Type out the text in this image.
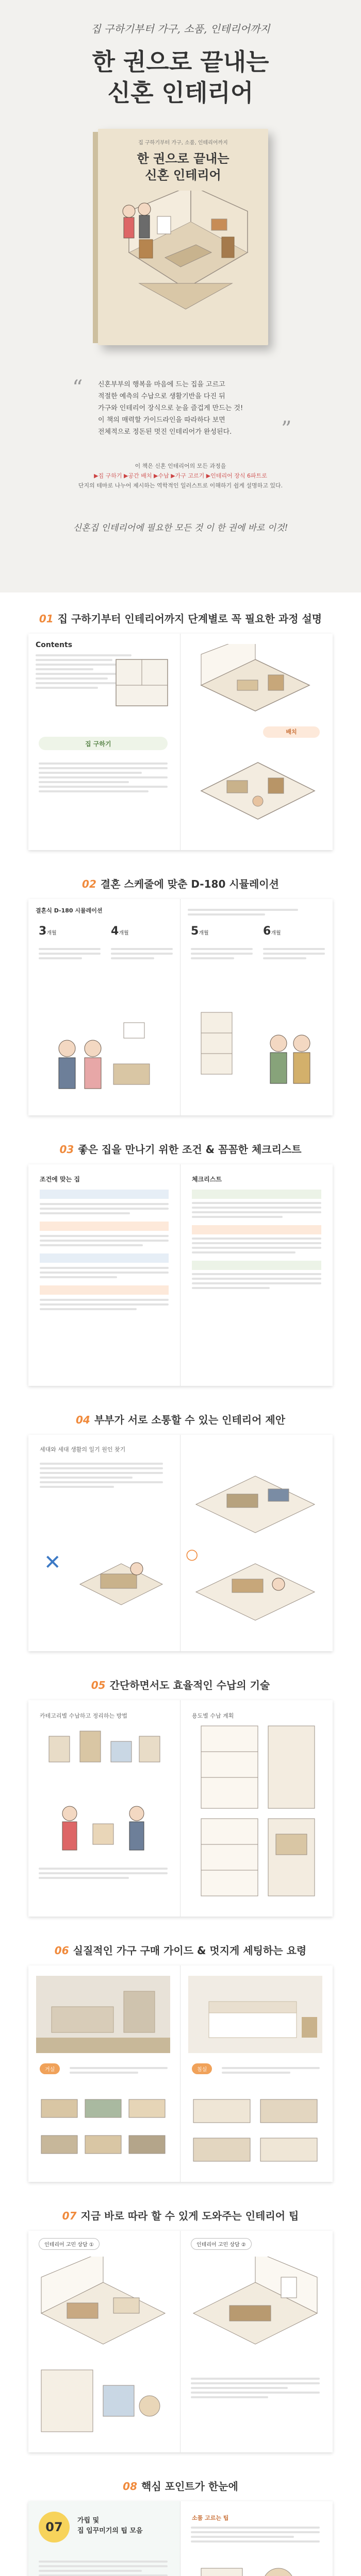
집 구하기부터 가구, 소품, 인테리어까지
한 권으로 끝내는
신혼 인테리어
집 구하기부터 가구, 소품, 인테리어까지
한 권으로 끝내는
신혼 인테리어
“ 신혼부부의 행복을 마음에 드는 집을 고르고
적절한 예측의 수납으로 생활기반을 다진 뒤
가구와 인테리어 장식으로 눈을 즐겁게 만드는 것!
이 책의 매력할 가이드라인을 따라하다 보면
전체적으로 정돈된 멋진 인테리어가 완성된다.	”
이 책은 신혼 인테리어의 모든 과정을
▶집 구하기 ▶공간 배치 ▶수납 ▶가구 고르기 ▶인테리어 장식 6파트로
단지의 테마로 나누어 제시하는 역학적인 일러스트로 이해하기 쉽게 설명하고 있다.
신혼집 인테리어에 필요한 모든 것 이 한 권에 바로 이것!
01 집 구하기부터 인테리어까지 단계별로 꼭 필요한 과정 설명
Contents
집 구하기
배치
02 결혼 스케줄에 맞춘 D-180 시뮬레이션
결혼식 D-180 시뮬레이션
3개월	4개월	5개월	6개월
03 좋은 집을 만나기 위한 조건 & 꼼꼼한 체크리스트
조건에 맞는 집	체크리스트
04 부부가 서로 소통할 수 있는 인테리어 제안
세대와 세대 생활의 일기 원인 찾기
✕	○
05 간단하면서도 효율적인 수납의 기술
카테고리별 수납하고 정리하는 방법	용도별 수납 계획
06 실질적인 가구 구매 가이드 & 멋지게 세팅하는 요령
거실	침실
07 지금 바로 따라 할 수 있게 도와주는 인테리어 팁
인테리어 고민 상담 ①	인테리어 고민 상담 ②
08 핵심 포인트가 한눈에
07	가립 및
집 입꾸미기의 팁 모음
소품 고르는 팁
